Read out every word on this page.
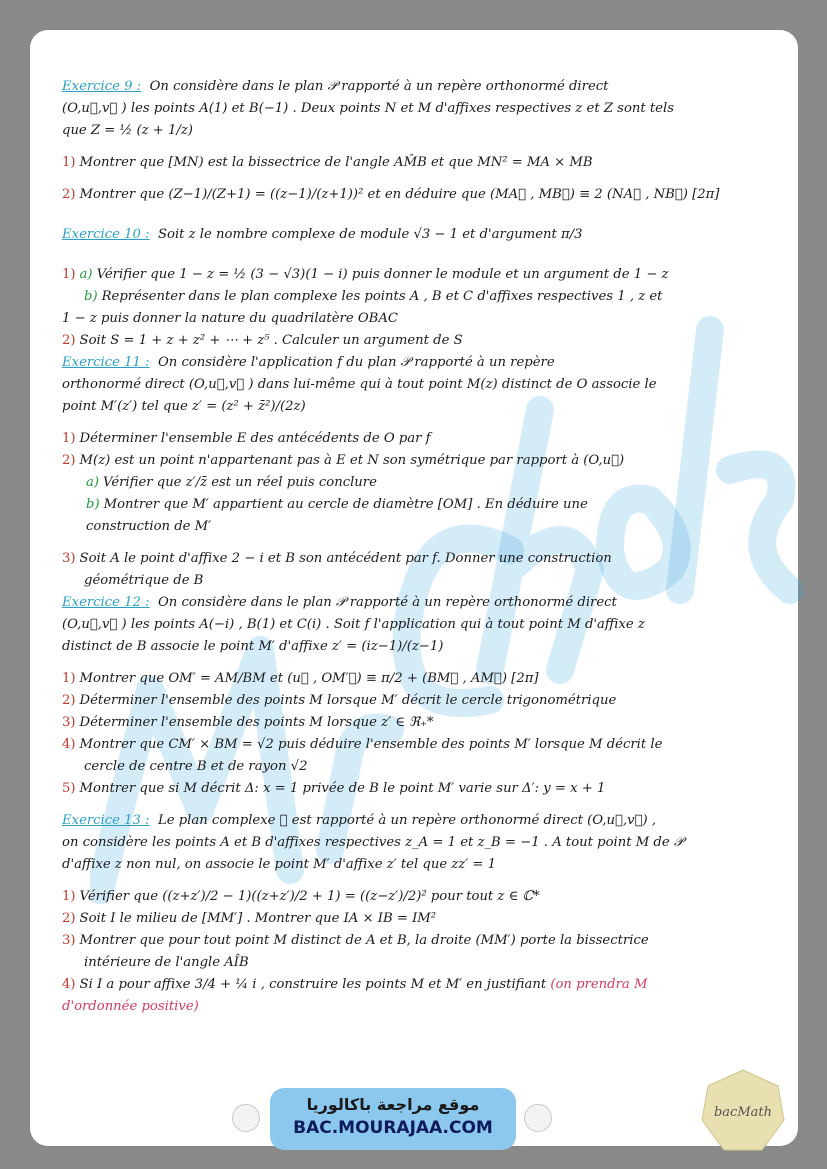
Exercice 9 : On considère dans le plan 𝒫 rapporté à un repère orthonormé direct
(O,u⃗,v⃗ ) les points A(1) et B(−1) . Deux points N et M d'affixes respectives z et Z sont tels
que Z = ½ (z + 1/z)
1) Montrer que [MN) est la bissectrice de l'angle AM̂B et que MN² = MA × MB
2) Montrer que (Z−1)/(Z+1) = ((z−1)/(z+1))² et en déduire que (MA⃗ , MB⃗) ≡ 2 (NA⃗ , NB⃗) [2π]
Exercice 10 : Soit z le nombre complexe de module √3 − 1 et d'argument π/3
1) a) Vérifier que 1 − z = ½ (3 − √3)(1 − i) puis donner le module et un argument de 1 − z
b) Représenter dans le plan complexe les points A , B et C d'affixes respectives 1 , z et
1 − z puis donner la nature du quadrilatère OBAC
2) Soit S = 1 + z + z² + ⋯ + z⁵ . Calculer un argument de S
Exercice 11 : On considère l'application f du plan 𝒫 rapporté à un repère
orthonormé direct (O,u⃗,v⃗ ) dans lui-même qui à tout point M(z) distinct de O associe le
point M′(z′) tel que z′ = (z² + z̄²)/(2z)
1) Déterminer l'ensemble E des antécédents de O par f
2) M(z) est un point n'appartenant pas à E et N son symétrique par rapport à (O,u⃗)
a) Vérifier que z′/z̄ est un réel puis conclure
b) Montrer que M′ appartient au cercle de diamètre [OM] . En déduire une
construction de M′
3) Soit A le point d'affixe 2 − i et B son antécédent par f. Donner une construction
géométrique de B
Exercice 12 : On considère dans le plan 𝒫 rapporté à un repère orthonormé direct
(O,u⃗,v⃗ ) les points A(−i) , B(1) et C(i) . Soit f l'application qui à tout point M d'affixe z
distinct de B associe le point M′ d'affixe z′ = (iz−1)/(z−1)
1) Montrer que OM′ = AM/BM et (u⃗ , OM′⃗) ≡ π/2 + (BM⃗ , AM⃗) [2π]
2) Déterminer l'ensemble des points M lorsque M′ décrit le cercle trigonométrique
3) Déterminer l'ensemble des points M lorsque z′ ∈ ℜ₊*
4) Montrer que CM′ × BM = √2 puis déduire l'ensemble des points M′ lorsque M décrit le
cercle de centre B et de rayon √2
5) Montrer que si M décrit Δ: x = 1 privée de B le point M′ varie sur Δ′: y = x + 1
Exercice 13 : Le plan complexe 𝒫 est rapporté à un repère orthonormé direct (O,u⃗,v⃗) ,
on considère les points A et B d'affixes respectives z_A = 1 et z_B = −1 . A tout point M de 𝒫
d'affixe z non nul, on associe le point M′ d'affixe z′ tel que zz′ = 1
1) Vérifier que ((z+z′)/2 − 1)((z+z′)/2 + 1) = ((z−z′)/2)² pour tout z ∈ ℂ*
2) Soit I le milieu de [MM′] . Montrer que IA × IB = IM²
3) Montrer que pour tout point M distinct de A et B, la droite (MM′) porte la bissectrice
intérieure de l'angle AÎB
4) Si I a pour affixe 3/4 + ¼ i , construire les points M et M′ en justifiant (on prendra M
d'ordonnée positive)
موقع مراجعة باكالوريا
BAC.MOURAJAA.COM
bacMath
